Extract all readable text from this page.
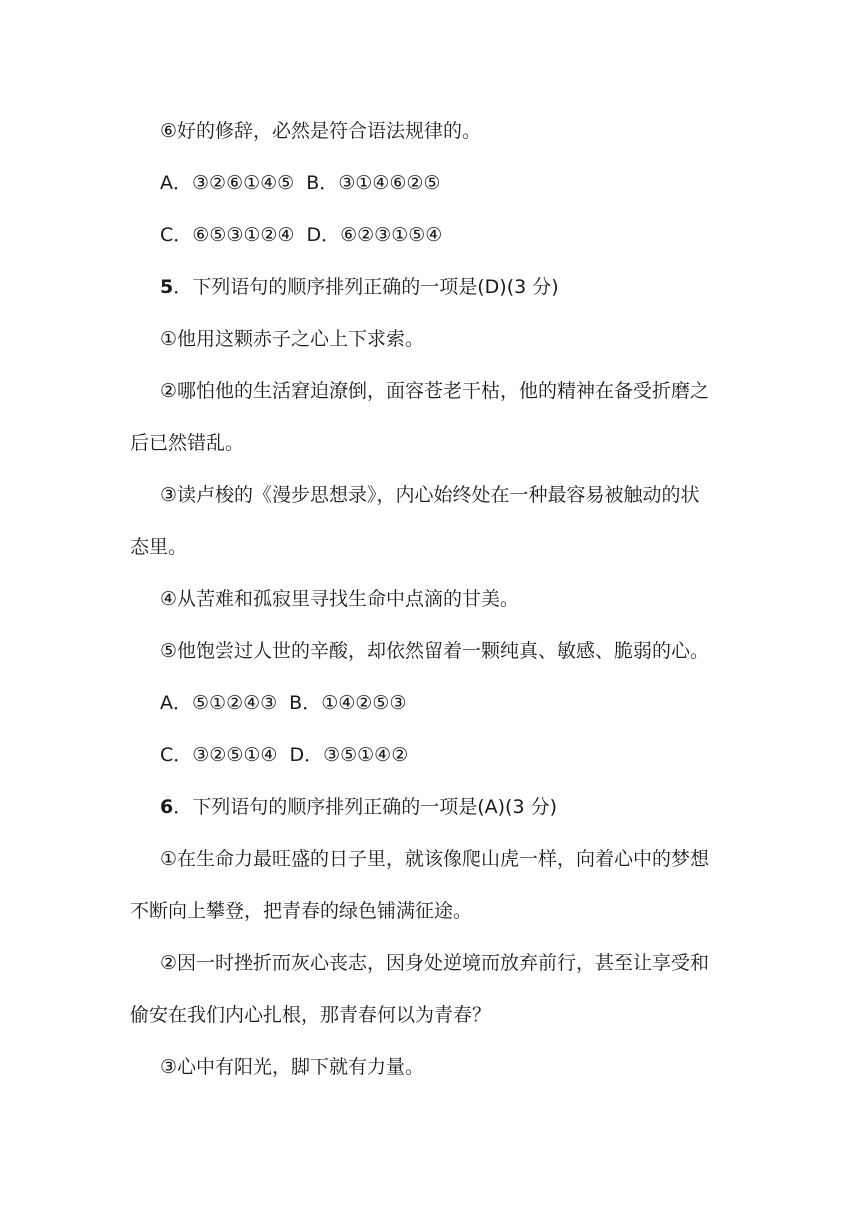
⑥好的修辞，必然是符合语法规律的。
A．③②⑥①④⑤ B．③①④⑥②⑤
C．⑥⑤③①②④ D．⑥②③①⑤④
5．下列语句的顺序排列正确的一项是(D)(3 分)
①他用这颗赤子之心上下求索。
②哪怕他的生活窘迫潦倒，面容苍老干枯，他的精神在备受折磨之
后已然错乱。
③读卢梭的《漫步思想录》，内心始终处在一种最容易被触动的状
态里。
④从苦难和孤寂里寻找生命中点滴的甘美。
⑤他饱尝过人世的辛酸，却依然留着一颗纯真、敏感、脆弱的心。
A．⑤①②④③ B．①④②⑤③
C．③②⑤①④ D．③⑤①④②
6．下列语句的顺序排列正确的一项是(A)(3 分)
①在生命力最旺盛的日子里，就该像爬山虎一样，向着心中的梦想
不断向上攀登，把青春的绿色铺满征途。
②因一时挫折而灰心丧志，因身处逆境而放弃前行，甚至让享受和
偷安在我们内心扎根，那青春何以为青春？
③心中有阳光，脚下就有力量。
